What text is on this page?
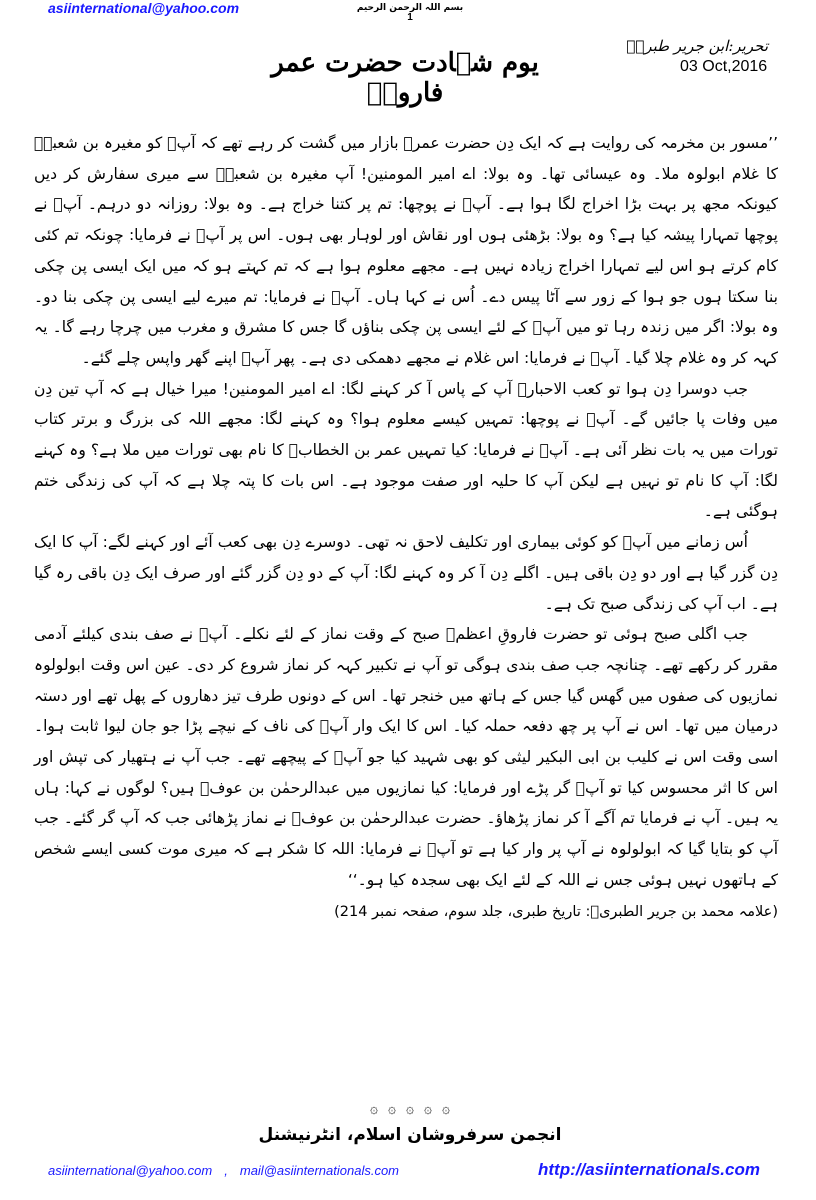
asiinternational@yahoo.com	بسم اللہ الرحمن الرحیم
1
تحریر:ابن جریر طبریؒ
03 Oct,2016
یوم شہادت حضرت عمر فاروقؓ

’’مسور بن مخرمہ کی روایت ہے کہ ایک دِن حضرت عمرؓ بازار میں گشت کر رہے تھے کہ آپؓ کو مغیرہ بن شعبہؓ کا غلام ابولوہ ملا۔ وہ عیسائی تھا۔ وہ بولا: اے امیر المومنین! آپ مغیرہ بن شعبہؓ سے میری سفارش کر دیں کیونکہ مجھ پر بہت بڑا اخراج لگا ہوا ہے۔ آپؓ نے پوچھا: تم پر کتنا خراج ہے۔ وہ بولا: روزانہ دو درہم۔ آپؓ نے پوچھا تمہارا پیشہ کیا ہے؟ وہ بولا: بڑھئی ہوں اور نقاش اور لوہار بھی ہوں۔ اس پر آپؓ نے فرمایا: چونکہ تم کئی کام کرتے ہو اس لیے تمہارا اخراج زیادہ نہیں ہے۔ مجھے معلوم ہوا ہے کہ تم کہتے ہو کہ میں ایک ایسی پن چکی بنا سکتا ہوں جو ہوا کے زور سے آٹا پیس دے۔ اُس نے کہا ہاں۔ آپؓ نے فرمایا: تم میرے لیے ایسی پن چکی بنا دو۔ وہ بولا: اگر میں زندہ رہا تو میں آپؓ کے لئے ایسی پن چکی بناؤں گا جس کا مشرق و مغرب میں چرچا رہے گا۔ یہ کہہ کر وہ غلام چلا گیا۔ آپؓ نے فرمایا: اس غلام نے مجھے دھمکی دی ہے۔ پھر آپؓ اپنے گھر واپس چلے گئے۔

جب دوسرا دِن ہوا تو کعب الاحبارؓ آپ کے پاس آ کر کہنے لگا: اے امیر المومنین! میرا خیال ہے کہ آپ تین دِن میں وفات پا جائیں گے۔ آپؓ نے پوچھا: تمہیں کیسے معلوم ہوا؟ وہ کہنے لگا: مجھے اللہ کی بزرگ و برتر کتاب تورات میں یہ بات نظر آئی ہے۔ آپؓ نے فرمایا: کیا تمہیں عمر بن الخطابؓ کا نام بھی تورات میں ملا ہے؟ وہ کہنے لگا: آپ کا نام تو نہیں ہے لیکن آپ کا حلیہ اور صفت موجود ہے۔ اس بات کا پتہ چلا ہے کہ آپ کی زندگی ختم ہوگئی ہے۔

اُس زمانے میں آپؓ کو کوئی بیماری اور تکلیف لاحق نہ تھی۔ دوسرے دِن بھی کعب آئے اور کہنے لگے: آپ کا ایک دِن گزر گیا ہے اور دو دِن باقی ہیں۔ اگلے دِن آ کر وہ کہنے لگا: آپ کے دو دِن گزر گئے اور صرف ایک دِن باقی رہ گیا ہے۔ اب آپ کی زندگی صبح تک ہے۔

جب اگلی صبح ہوئی تو حضرت فاروقِ اعظمؓ صبح کے وقت نماز کے لئے نکلے۔ آپؓ نے صف بندی کیلئے آدمی مقرر کر رکھے تھے۔ چنانچہ جب صف بندی ہوگی تو آپ نے تکبیر کہہ کر نماز شروع کر دی۔ عین اس وقت ابولولوہ نمازیوں کی صفوں میں گھس گیا جس کے ہاتھ میں خنجر تھا۔ اس کے دونوں طرف تیز دھاروں کے پھل تھے اور دستہ درمیان میں تھا۔ اس نے آپ پر چھ دفعہ حملہ کیا۔ اس کا ایک وار آپؓ کی ناف کے نیچے پڑا جو جان لیوا ثابت ہوا۔ اسی وقت اس نے کلیب بن ابی البکیر لیثی کو بھی شہید کیا جو آپؓ کے پیچھے تھے۔ جب آپ نے ہتھیار کی تپش اور اس کا اثر محسوس کیا تو آپؓ گر پڑے اور فرمایا: کیا نمازیوں میں عبدالرحمٰن بن عوفؓ ہیں؟ لوگوں نے کہا: ہاں یہ ہیں۔ آپ نے فرمایا تم آگے آ کر نماز پڑھاؤ۔ حضرت عبدالرحمٰن بن عوفؓ نے نماز پڑھائی جب کہ آپ گر گئے۔ جب آپ کو بتایا گیا کہ ابولولوہ نے آپ پر وار کیا ہے تو آپؓ نے فرمایا: اللہ کا شکر ہے کہ میری موت کسی ایسے شخص کے ہاتھوں نہیں ہوئی جس نے اللہ کے لئے ایک بھی سجدہ کیا ہو۔‘‘

(علامہ محمد بن جریر الطبریؒ: تاریخ طبری، جلد سوم، صفحہ نمبر 214)
۞ ۞ ۞ ۞ ۞
انجمن سرفروشان اسلام، انٹرنیشنل
asiinternational@yahoo.com , mail@asiinternationals.com	http://asiinternationals.com
